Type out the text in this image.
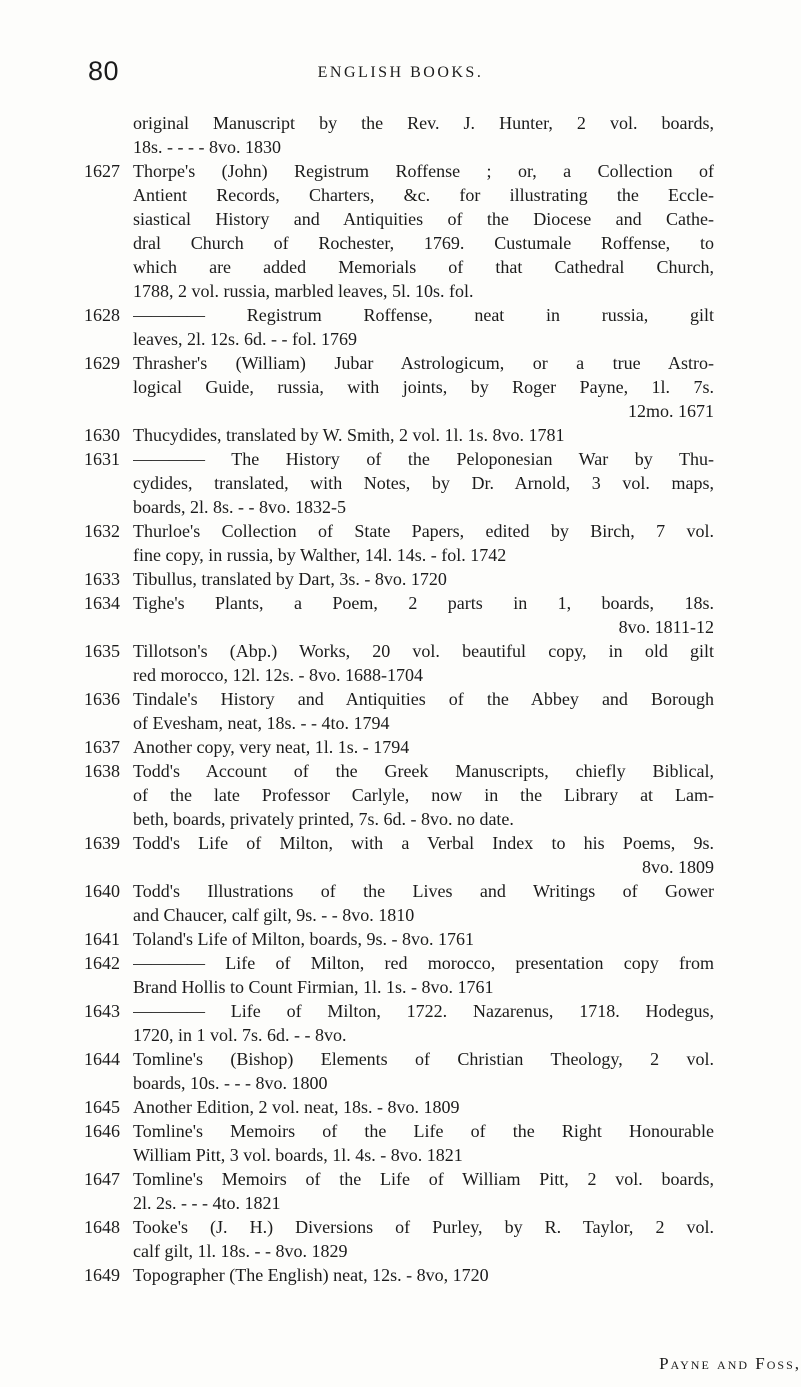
80	ENGLISH BOOKS.
original Manuscript by the Rev. J. Hunter, 2 vol. boards,
18s. - - - - 8vo. 1830
1627 Thorpe's (John) Registrum Roffense ; or, a Collection of
Antient Records, Charters, &c. for illustrating the Eccle-
siastical History and Antiquities of the Diocese and Cathe-
dral Church of Rochester, 1769. Custumale Roffense, to
which are added Memorials of that Cathedral Church,
1788, 2 vol. russia, marbled leaves, 5l. 10s. fol.
1628 ———— Registrum Roffense, neat in russia, gilt
leaves, 2l. 12s. 6d. - - fol. 1769
1629 Thrasher's (William) Jubar Astrologicum, or a true Astro-
logical Guide, russia, with joints, by Roger Payne, 1l. 7s.
12mo. 1671
1630 Thucydides, translated by W. Smith, 2 vol. 1l. 1s. 8vo. 1781
1631 ———— The History of the Peloponesian War by Thu-
cydides, translated, with Notes, by Dr. Arnold, 3 vol. maps,
boards, 2l. 8s. - - 8vo. 1832-5
1632 Thurloe's Collection of State Papers, edited by Birch, 7 vol.
fine copy, in russia, by Walther, 14l. 14s. - fol. 1742
1633 Tibullus, translated by Dart, 3s. - 8vo. 1720
1634 Tighe's Plants, a Poem, 2 parts in 1, boards, 18s.
8vo. 1811-12
1635 Tillotson's (Abp.) Works, 20 vol. beautiful copy, in old gilt
red morocco, 12l. 12s. - 8vo. 1688-1704
1636 Tindale's History and Antiquities of the Abbey and Borough
of Evesham, neat, 18s. - - 4to. 1794
1637 Another copy, very neat, 1l. 1s. - 1794
1638 Todd's Account of the Greek Manuscripts, chiefly Biblical,
of the late Professor Carlyle, now in the Library at Lam-
beth, boards, privately printed, 7s. 6d. - 8vo. no date.
1639 Todd's Life of Milton, with a Verbal Index to his Poems, 9s.
8vo. 1809
1640 Todd's Illustrations of the Lives and Writings of Gower
and Chaucer, calf gilt, 9s. - - 8vo. 1810
1641 Toland's Life of Milton, boards, 9s. - 8vo. 1761
1642 ———— Life of Milton, red morocco, presentation copy from
Brand Hollis to Count Firmian, 1l. 1s. - 8vo. 1761
1643 ———— Life of Milton, 1722. Nazarenus, 1718. Hodegus,
1720, in 1 vol. 7s. 6d. - - 8vo.
1644 Tomline's (Bishop) Elements of Christian Theology, 2 vol.
boards, 10s. - - - 8vo. 1800
1645 Another Edition, 2 vol. neat, 18s. - 8vo. 1809
1646 Tomline's Memoirs of the Life of the Right Honourable
William Pitt, 3 vol. boards, 1l. 4s. - 8vo. 1821
1647 Tomline's Memoirs of the Life of William Pitt, 2 vol. boards,
2l. 2s. - - - 4to. 1821
1648 Tooke's (J. H.) Diversions of Purley, by R. Taylor, 2 vol.
calf gilt, 1l. 18s. - - 8vo. 1829
1649 Topographer (The English) neat, 12s. - 8vo, 1720
Payne and Foss,
